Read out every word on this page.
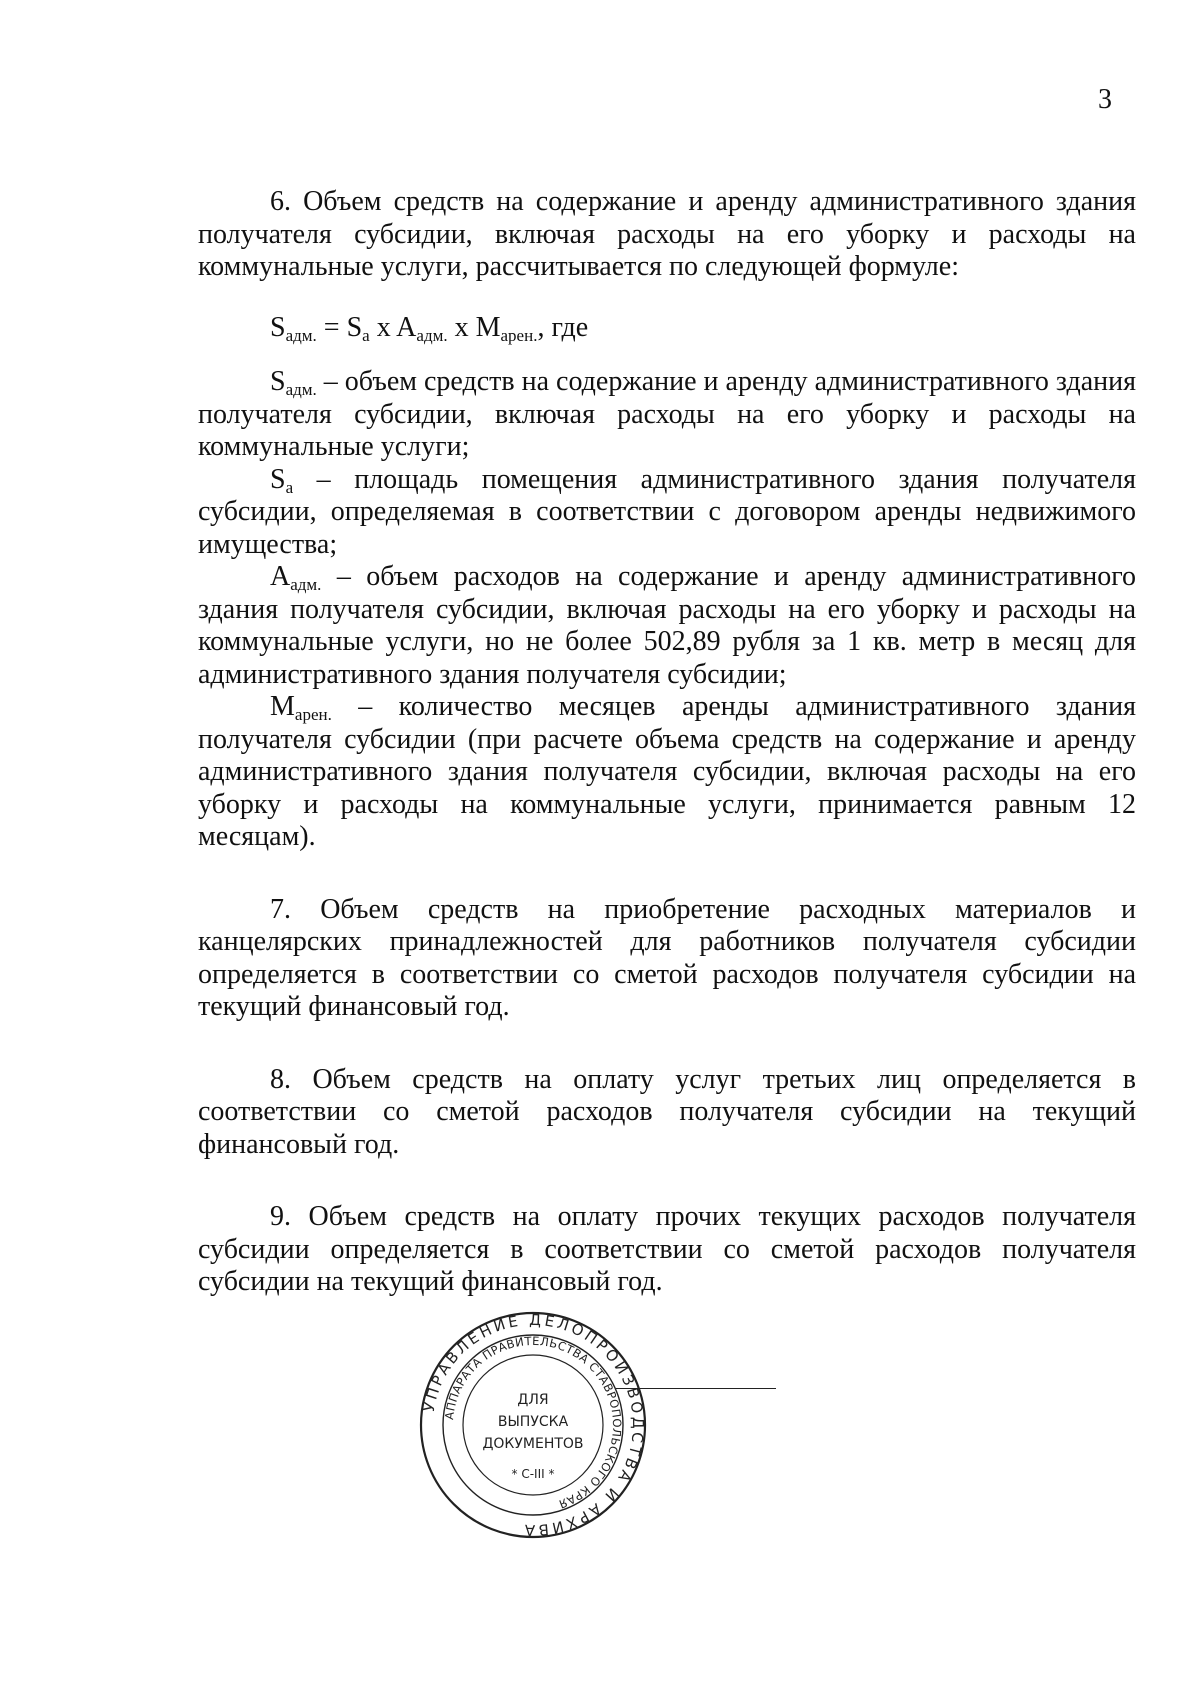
3

6. Объем средств на содержание и аренду административного здания получателя субсидии, включая расходы на его уборку и расходы на коммунальные услуги, рассчитывается по следующей формуле:

$S_{адм.} = S_а$ x $A_{адм.}$ x $M_{арен.}$, где

$S_{адм.}$ – объем средств на содержание и аренду административного здания получателя субсидии, включая расходы на его уборку и расходы на коммунальные услуги;

$S_а$ – площадь помещения административного здания получателя субсидии, определяемая в соответствии с договором аренды недвижимого имущества;

$A_{адм.}$ – объем расходов на содержание и аренду административного здания получателя субсидии, включая расходы на его уборку и расходы на коммунальные услуги, но не более 502,89 рубля за 1 кв. метр в месяц для административного здания получателя субсидии;

$M_{арен.}$ – количество месяцев аренды административного здания получателя субсидии (при расчете объема средств на содержание и аренду административного здания получателя субсидии, включая расходы на его уборку и расходы на коммунальные услуги, принимается равным 12 месяцам).

7. Объем средств на приобретение расходных материалов и канцелярских принадлежностей для работников получателя субсидии определяется в соответствии со сметой расходов получателя субсидии на текущий финансовый год.

8. Объем средств на оплату услуг третьих лиц определяется в соответствии со сметой расходов получателя субсидии на текущий финансовый год.

9. Объем средств на оплату прочих текущих расходов получателя субсидии определяется в соответствии со сметой расходов получателя субсидии на текущий финансовый год.

УПРАВЛЕНИЕ ДЕЛОПРОИЗВОДСТВА И АРХИВА
АППАРАТА ПРАВИТЕЛЬСТВА СТАВРОПОЛЬСКОГО КРАЯ
ДЛЯ
ВЫПУСКА
ДОКУМЕНТОВ
* С-III *
